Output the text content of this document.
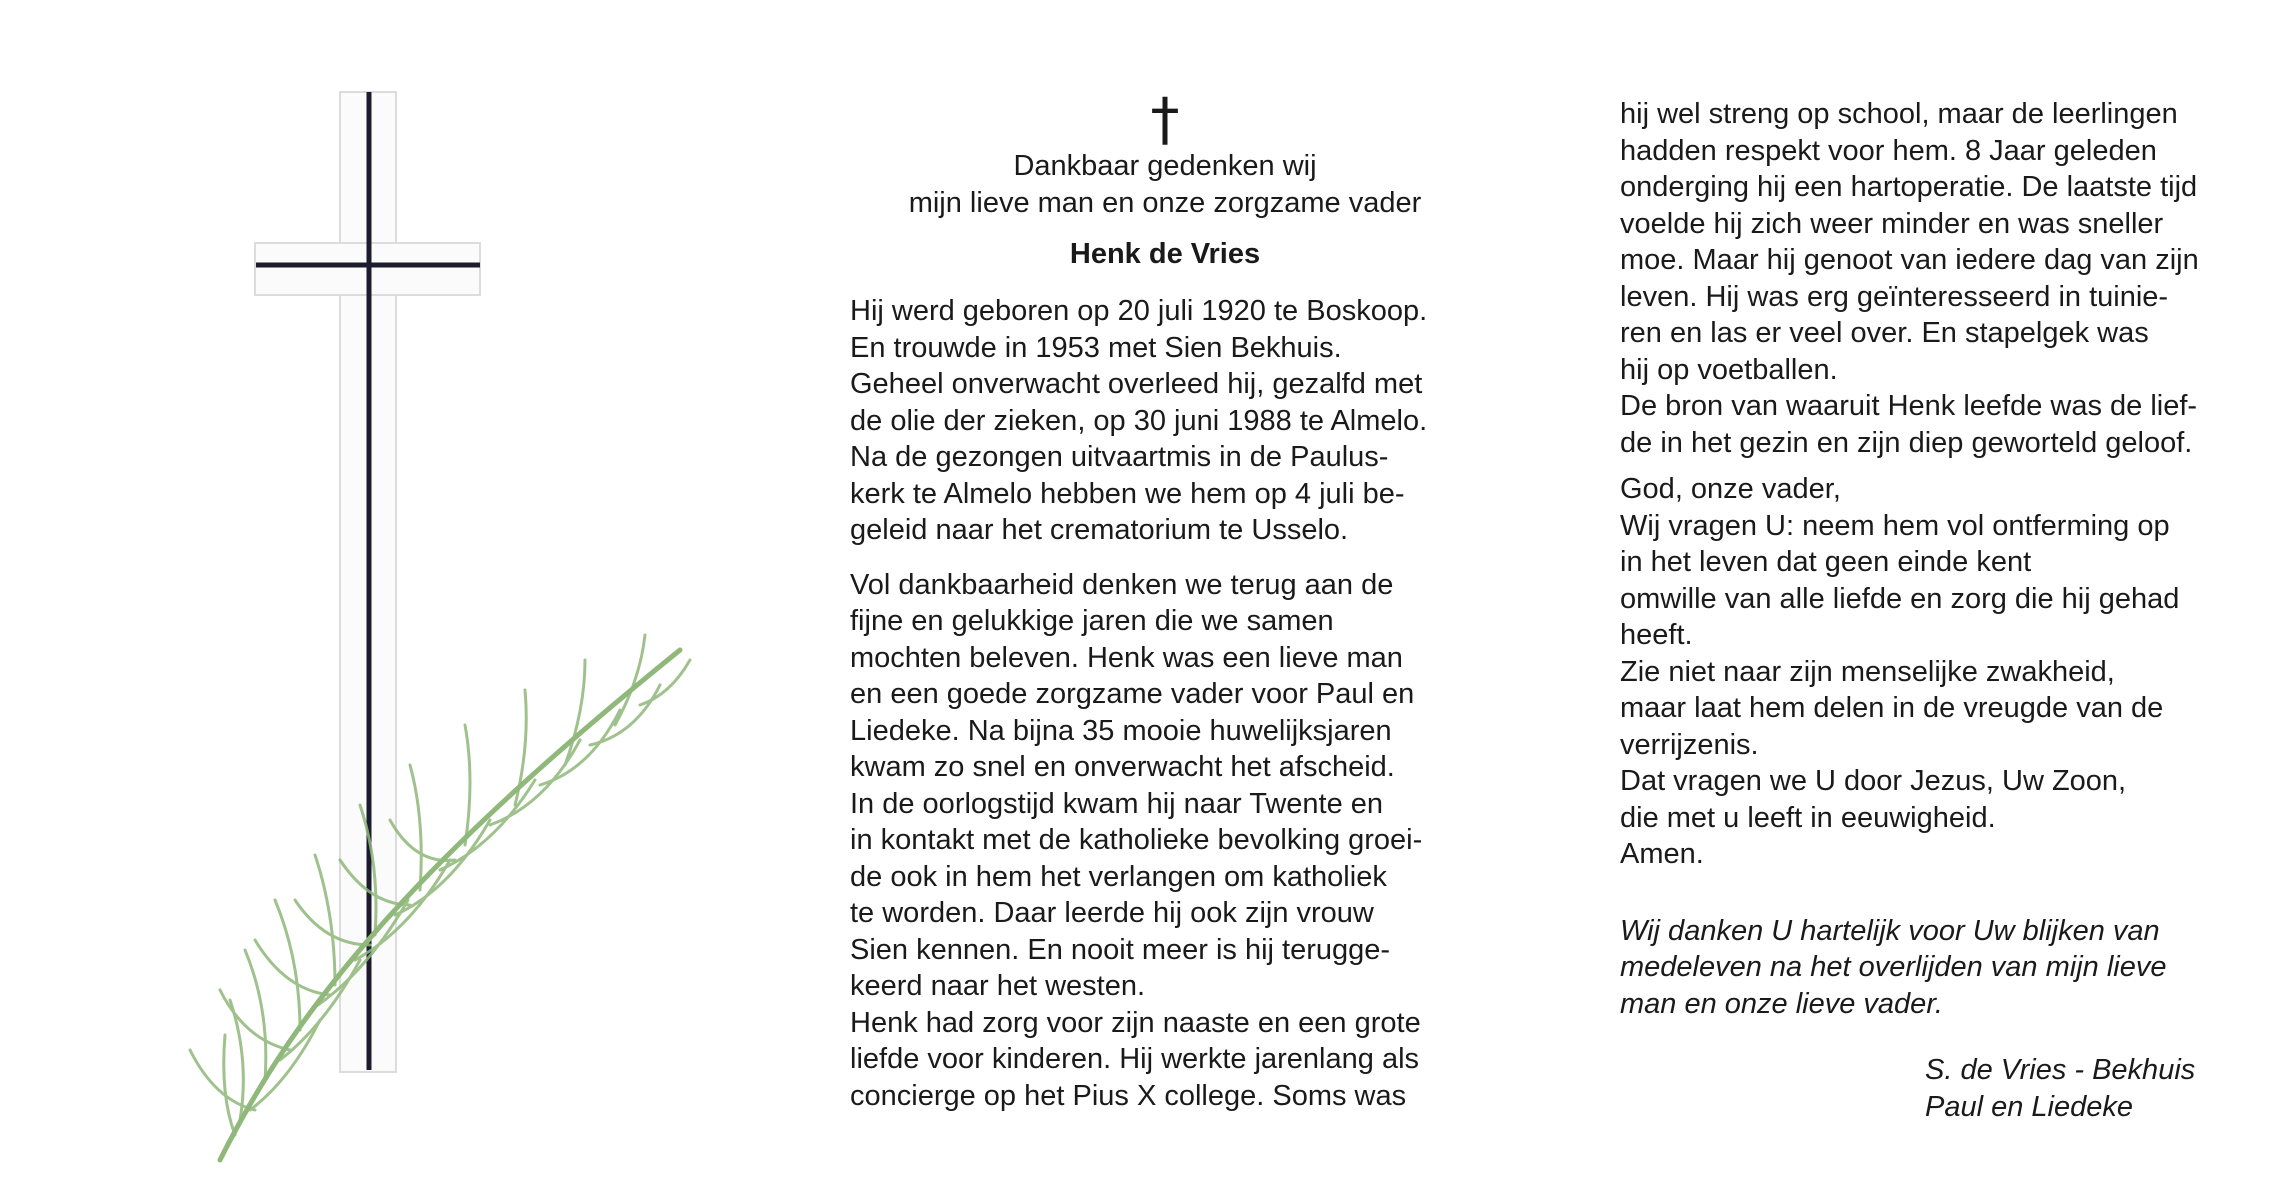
†

Dankbaar gedenken wij

mijn lieve man en onze zorgzame vader

Henk de Vries

Hij werd geboren op 20 juli 1920 te Boskoop.
En trouwde in 1953 met Sien Bekhuis.
Geheel onverwacht overleed hij, gezalfd met
de olie der zieken, op 30 juni 1988 te Almelo.
Na de gezongen uitvaartmis in de Paulus-
kerk te Almelo hebben we hem op 4 juli be-
geleid naar het crematorium te Usselo.

Vol dankbaarheid denken we terug aan de
fijne en gelukkige jaren die we samen
mochten beleven. Henk was een lieve man
en een goede zorgzame vader voor Paul en
Liedeke. Na bijna 35 mooie huwelijksjaren
kwam zo snel en onverwacht het afscheid.
In de oorlogstijd kwam hij naar Twente en
in kontakt met de katholieke bevolking groei-
de ook in hem het verlangen om katholiek
te worden. Daar leerde hij ook zijn vrouw
Sien kennen. En nooit meer is hij terugge-
keerd naar het westen.
Henk had zorg voor zijn naaste en een grote
liefde voor kinderen. Hij werkte jarenlang als
concierge op het Pius X college. Soms was

hij wel streng op school, maar de leerlingen
hadden respekt voor hem. 8 Jaar geleden
onderging hij een hartoperatie. De laatste tijd
voelde hij zich weer minder en was sneller
moe. Maar hij genoot van iedere dag van zijn
leven. Hij was erg geïnteresseerd in tuinie-
ren en las er veel over. En stapelgek was
hij op voetballen.
De bron van waaruit Henk leefde was de lief-
de in het gezin en zijn diep geworteld geloof.
God, onze vader,
Wij vragen U: neem hem vol ontferming op
in het leven dat geen einde kent
omwille van alle liefde en zorg die hij gehad
heeft.
Zie niet naar zijn menselijke zwakheid,
maar laat hem delen in de vreugde van de
verrijzenis.
Dat vragen we U door Jezus, Uw Zoon,
die met u leeft in eeuwigheid.
Amen.
Wij danken U hartelijk voor Uw blijken van
medeleven na het overlijden van mijn lieve
man en onze lieve vader.
S. de Vries - Bekhuis
Paul en Liedeke
